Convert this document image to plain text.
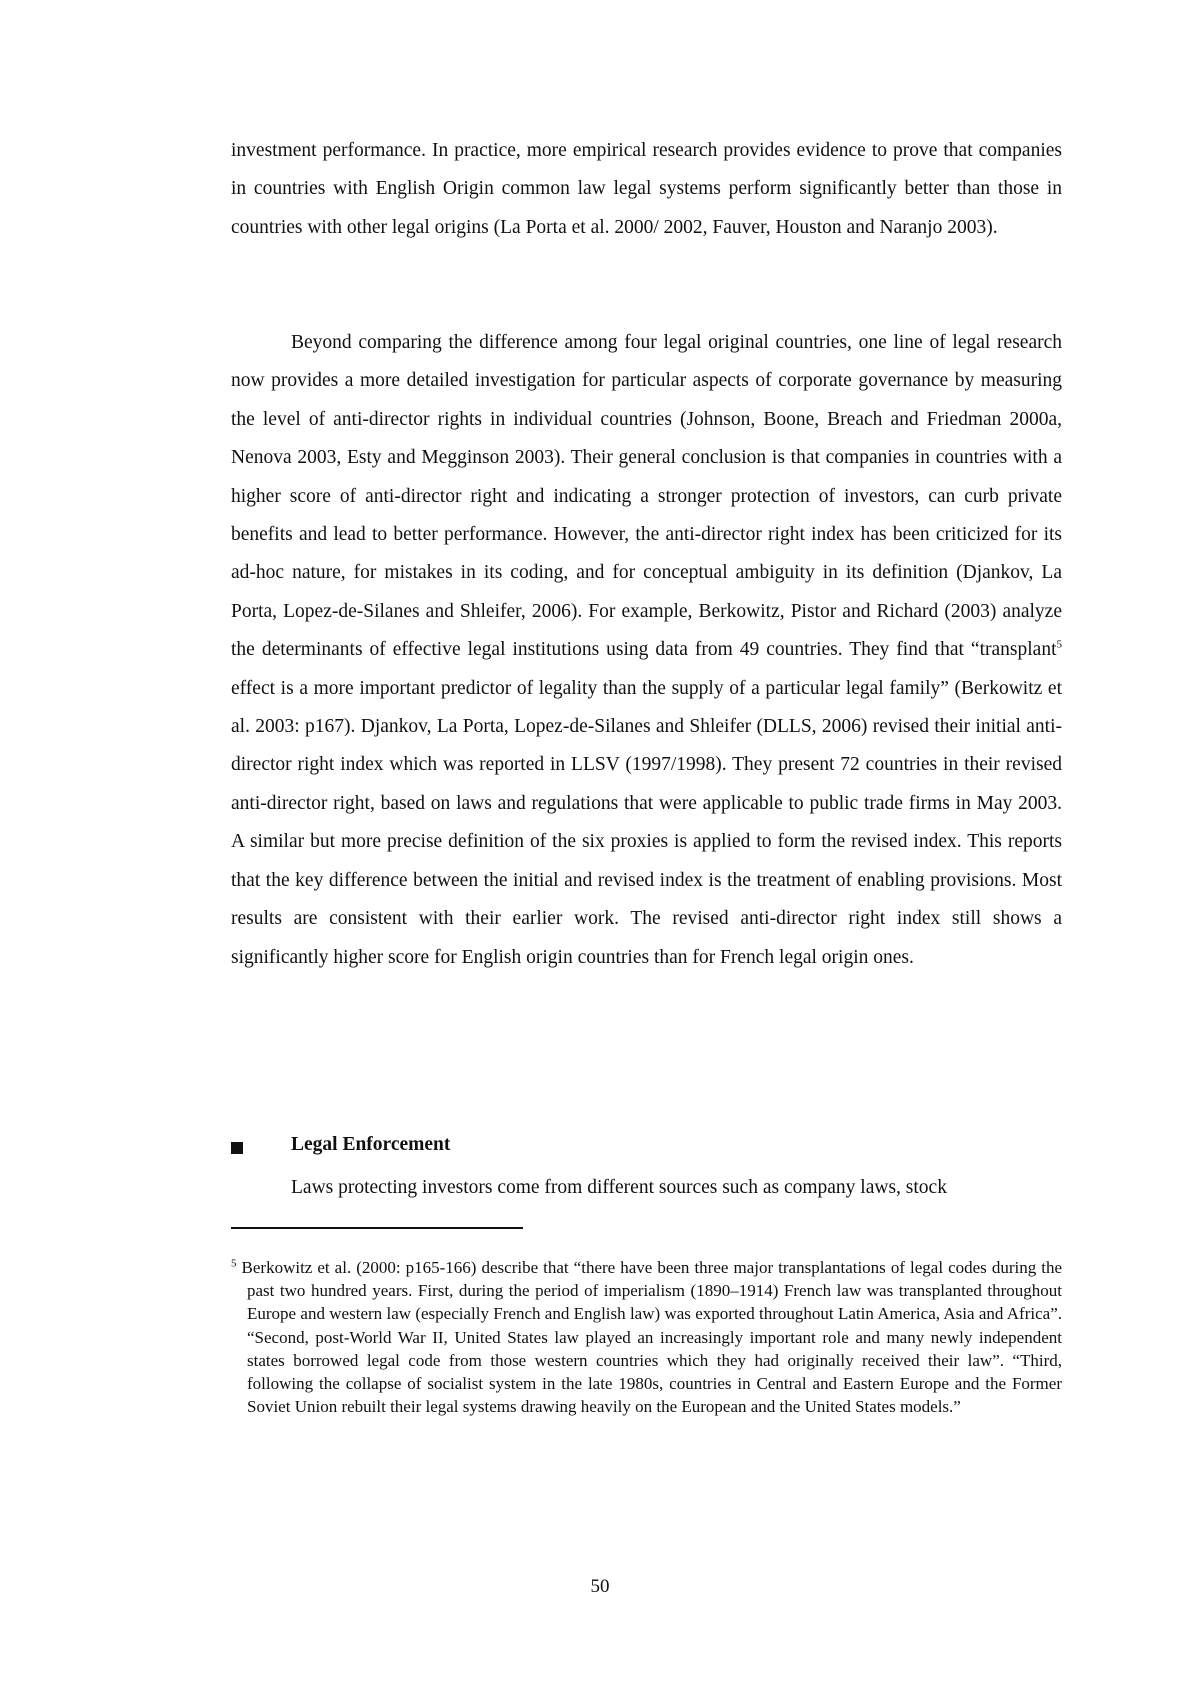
investment performance. In practice, more empirical research provides evidence to prove that companies in countries with English Origin common law legal systems perform significantly better than those in countries with other legal origins (La Porta et al. 2000/ 2002, Fauver, Houston and Naranjo 2003).

Beyond comparing the difference among four legal original countries, one line of legal research now provides a more detailed investigation for particular aspects of corporate governance by measuring the level of anti-director rights in individual countries (Johnson, Boone, Breach and Friedman 2000a, Nenova 2003, Esty and Megginson 2003). Their general conclusion is that companies in countries with a higher score of anti-director right and indicating a stronger protection of investors, can curb private benefits and lead to better performance. However, the anti-director right index has been criticized for its ad-hoc nature, for mistakes in its coding, and for conceptual ambiguity in its definition (Djankov, La Porta, Lopez-de-Silanes and Shleifer, 2006). For example, Berkowitz, Pistor and Richard (2003) analyze the determinants of effective legal institutions using data from 49 countries. They find that “transplant$^5$ effect is a more important predictor of legality than the supply of a particular legal family” (Berkowitz et al. 2003: p167). Djankov, La Porta, Lopez-de-Silanes and Shleifer (DLLS, 2006) revised their initial anti-director right index which was reported in LLSV (1997/1998). They present 72 countries in their revised anti-director right, based on laws and regulations that were applicable to public trade firms in May 2003. A similar but more precise definition of the six proxies is applied to form the revised index. This reports that the key difference between the initial and revised index is the treatment of enabling provisions. Most results are consistent with their earlier work. The revised anti-director right index still shows a significantly higher score for English origin countries than for French legal origin ones.

Legal Enforcement

Laws protecting investors come from different sources such as company laws, stock

$^5$ Berkowitz et al. (2000: p165-166) describe that “there have been three major transplantations of legal codes during the past two hundred years. First, during the period of imperialism (1890–1914) French law was transplanted throughout Europe and western law (especially French and English law) was exported throughout Latin America, Asia and Africa”. “Second, post-World War II, United States law played an increasingly important role and many newly independent states borrowed legal code from those western countries which they had originally received their law”. “Third, following the collapse of socialist system in the late 1980s, countries in Central and Eastern Europe and the Former Soviet Union rebuilt their legal systems drawing heavily on the European and the United States models.”

50
